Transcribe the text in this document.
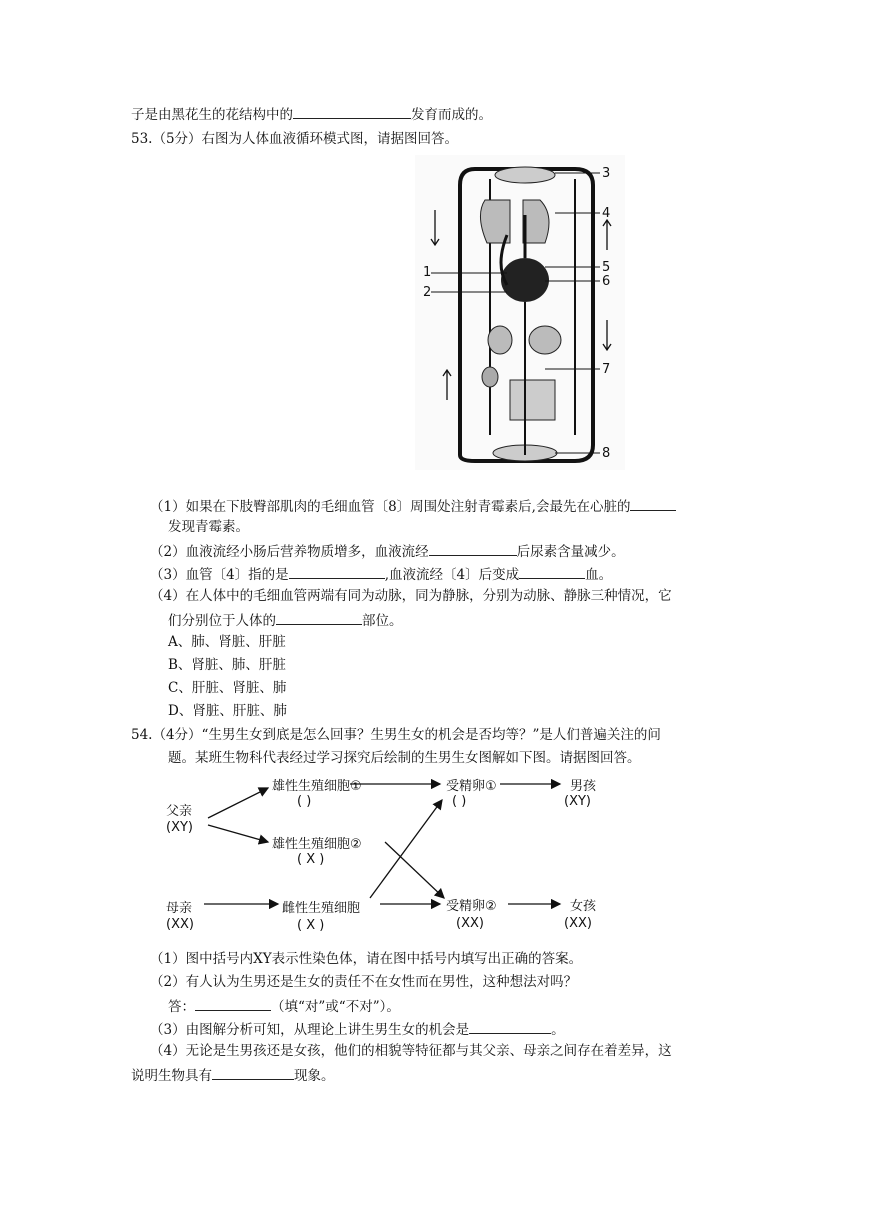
子是由黑花生的花结构中的	发育而成的。
53.（5分）右图为人体血液循环模式图，请据图回答。
3
4
5
6
7
8
1
2
（1）如果在下肢臀部肌肉的毛细血管〔8〕周围处注射青霉素后,会最先在心脏的
发现青霉素。
（2）血液流经小肠后营养物质增多，血液流经	后尿素含量减少。
（3）血管〔4〕指的是	,血液流经〔4〕后变成	血。
（4）在人体中的毛细血管两端有同为动脉，同为静脉，分别为动脉、静脉三种情况，它
们分别位于人体的	部位。
A、肺、肾脏、肝脏
B、肾脏、肺、肝脏
C、肝脏、肾脏、肺
D、肾脏、肝脏、肺
54.（4分）“生男生女到底是怎么回事？生男生女的机会是否均等？”是人们普遍关注的问
题。某班生物科代表经过学习探究后绘制的生男生女图解如下图。请据图回答。
父亲
(XY)
母亲
(XX)
雄性生殖细胞①
( )
雄性生殖细胞②
( X )
雌性生殖细胞
( X )
受精卵①
( )
受精卵②
(XX)
男孩
(XY)
女孩
(XX)
（1）图中括号内XY表示性染色体，请在图中括号内填写出正确的答案。
（2）有人认为生男还是生女的责任不在女性而在男性，这种想法对吗？
答：	（填“对”或“不对”）。
（3）由图解分析可知，从理论上讲生男生女的机会是	。
（4）无论是生男孩还是女孩，他们的相貌等特征都与其父亲、母亲之间存在着差异，这
说明生物具有	现象。
